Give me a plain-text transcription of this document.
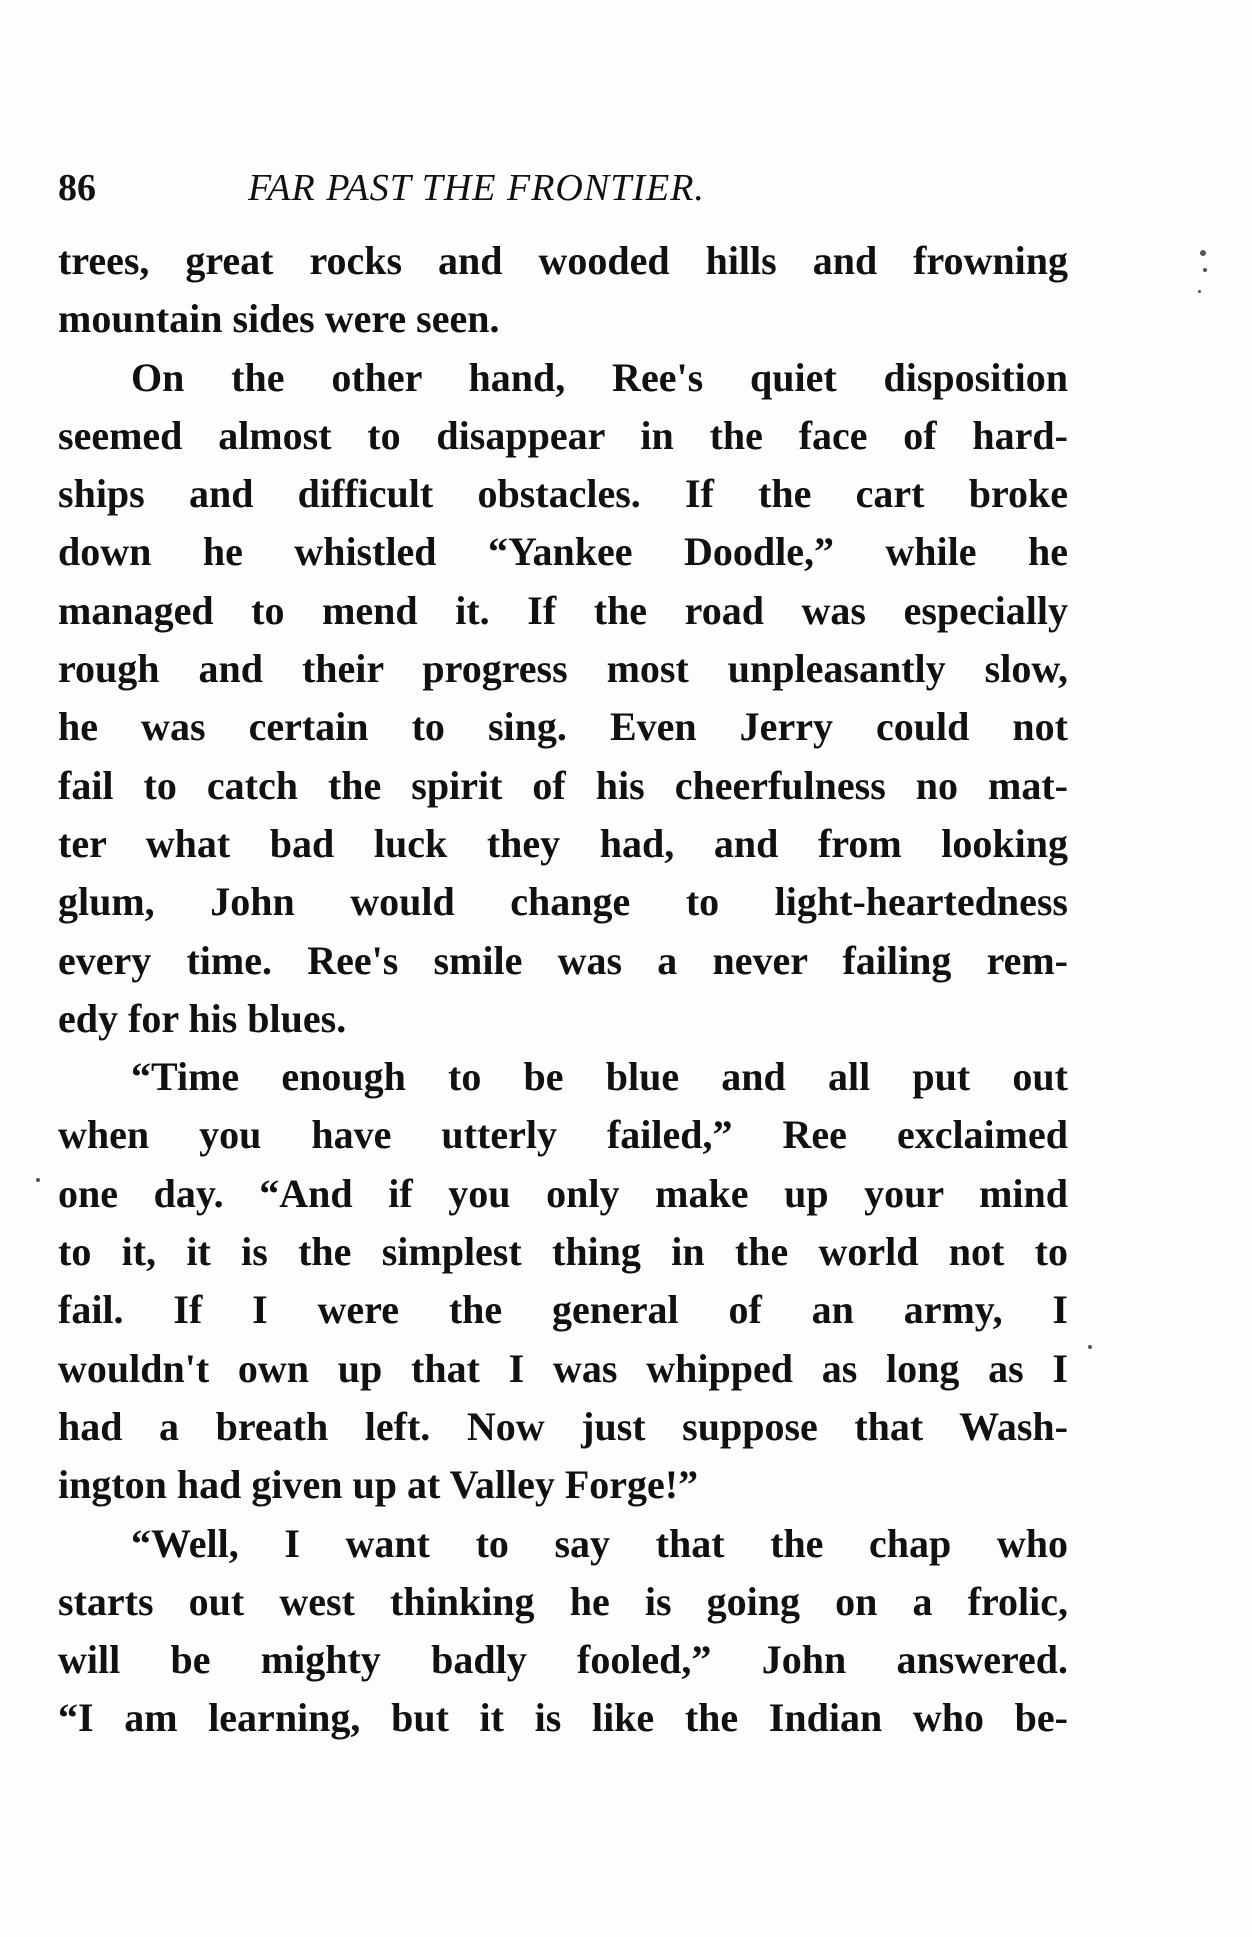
86	FAR PAST THE FRONTIER.
trees, great rocks and wooded hills and frowning
mountain sides were seen.
On the other hand, Ree's quiet disposition
seemed almost to disappear in the face of hard-
ships and difficult obstacles. If the cart broke
down he whistled “Yankee Doodle,” while he
managed to mend it. If the road was especially
rough and their progress most unpleasantly slow,
he was certain to sing. Even Jerry could not
fail to catch the spirit of his cheerfulness no mat-
ter what bad luck they had, and from looking
glum, John would change to light-heartedness
every time. Ree's smile was a never failing rem-
edy for his blues.
“Time enough to be blue and all put out
when you have utterly failed,” Ree exclaimed
one day. “And if you only make up your mind
to it, it is the simplest thing in the world not to
fail. If I were the general of an army, I
wouldn't own up that I was whipped as long as I
had a breath left. Now just suppose that Wash-
ington had given up at Valley Forge!”
“Well, I want to say that the chap who
starts out west thinking he is going on a frolic,
will be mighty badly fooled,” John answered.
“I am learning, but it is like the Indian who be-
